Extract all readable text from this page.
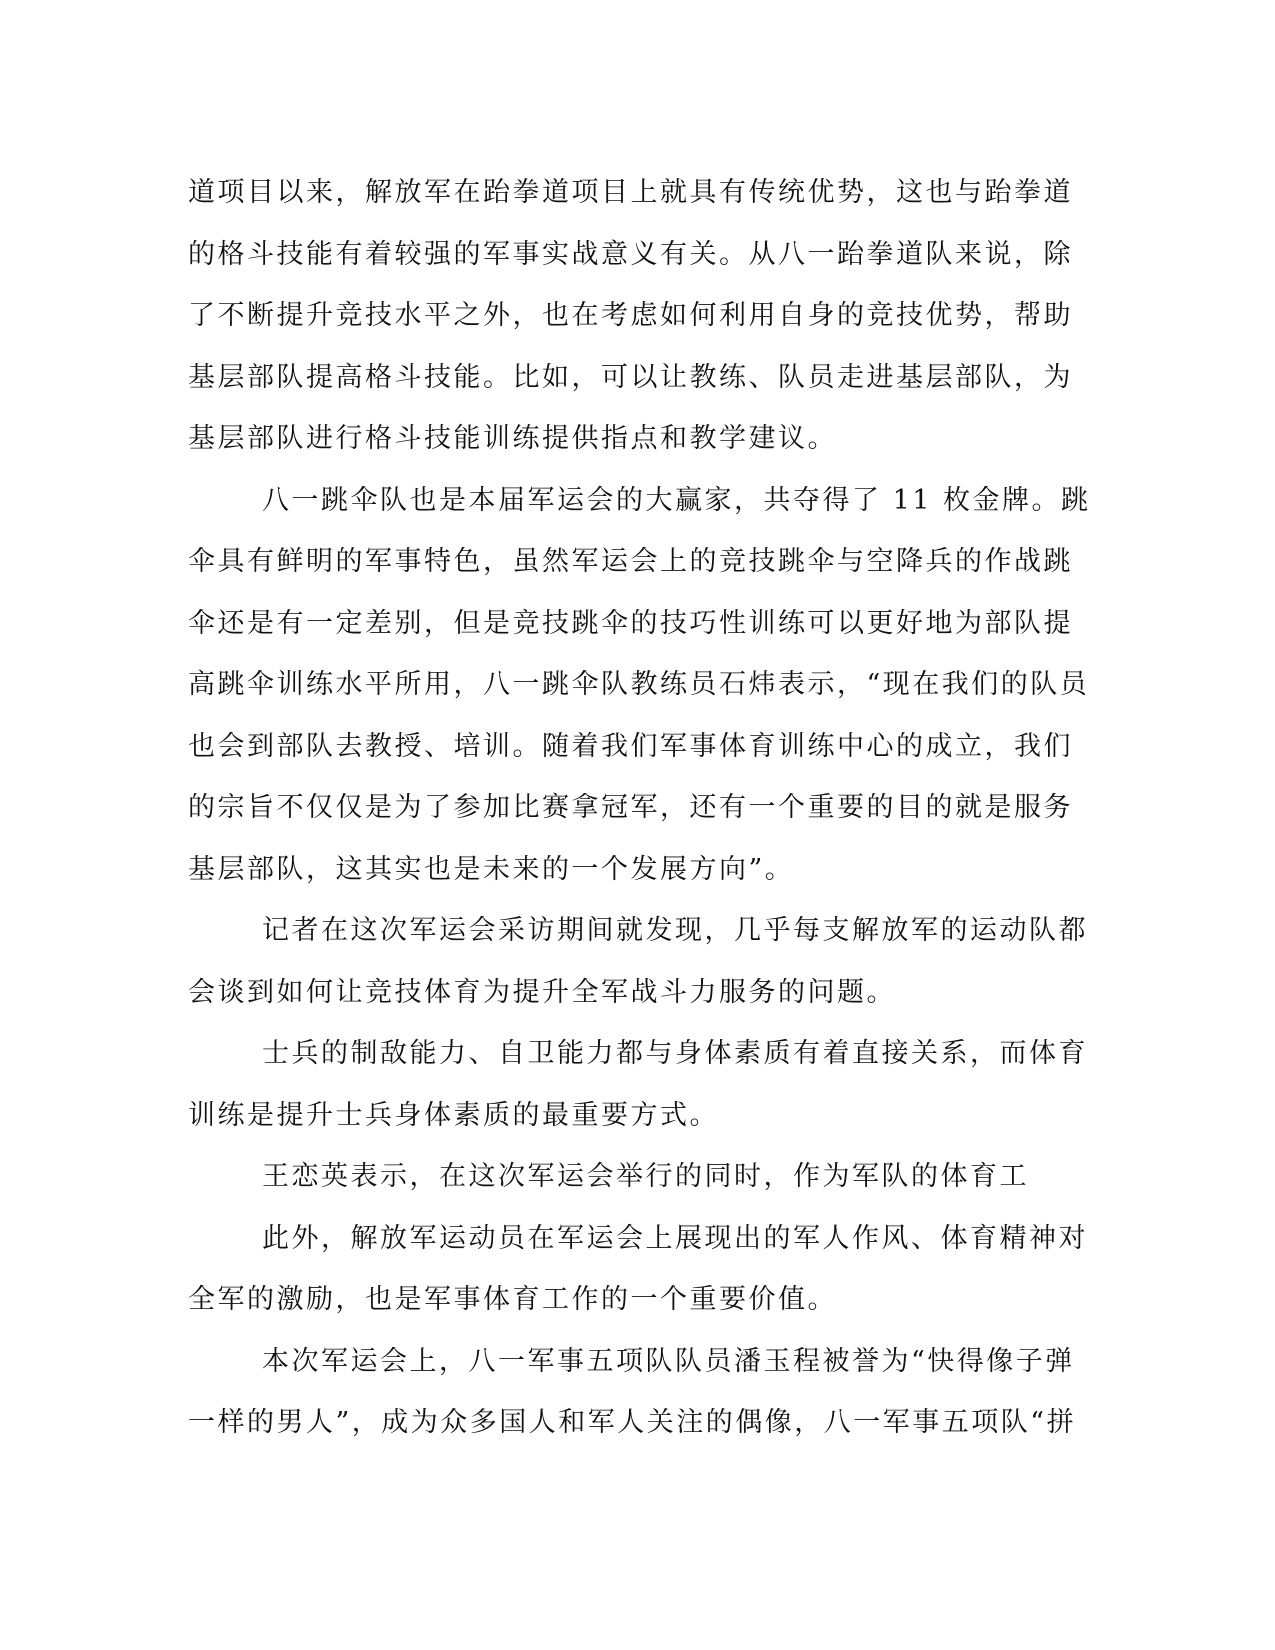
道项目以来，解放军在跆拳道项目上就具有传统优势，这也与跆拳道
的格斗技能有着较强的军事实战意义有关。从八一跆拳道队来说，除
了不断提升竞技水平之外，也在考虑如何利用自身的竞技优势，帮助
基层部队提高格斗技能。比如，可以让教练、队员走进基层部队，为
基层部队进行格斗技能训练提供指点和教学建议。
八一跳伞队也是本届军运会的大赢家，共夺得了 11 枚金牌。跳
伞具有鲜明的军事特色，虽然军运会上的竞技跳伞与空降兵的作战跳
伞还是有一定差别，但是竞技跳伞的技巧性训练可以更好地为部队提
高跳伞训练水平所用，八一跳伞队教练员石炜表示，“现在我们的队员
也会到部队去教授、培训。随着我们军事体育训练中心的成立，我们
的宗旨不仅仅是为了参加比赛拿冠军，还有一个重要的目的就是服务
基层部队，这其实也是未来的一个发展方向”。
记者在这次军运会采访期间就发现，几乎每支解放军的运动队都
会谈到如何让竞技体育为提升全军战斗力服务的问题。
士兵的制敌能力、自卫能力都与身体素质有着直接关系，而体育
训练是提升士兵身体素质的最重要方式。
王恋英表示，在这次军运会举行的同时，作为军队的体育工
此外，解放军运动员在军运会上展现出的军人作风、体育精神对
全军的激励，也是军事体育工作的一个重要价值。
本次军运会上，八一军事五项队队员潘玉程被誉为“快得像子弹
一样的男人”，成为众多国人和军人关注的偶像，八一军事五项队“拼
